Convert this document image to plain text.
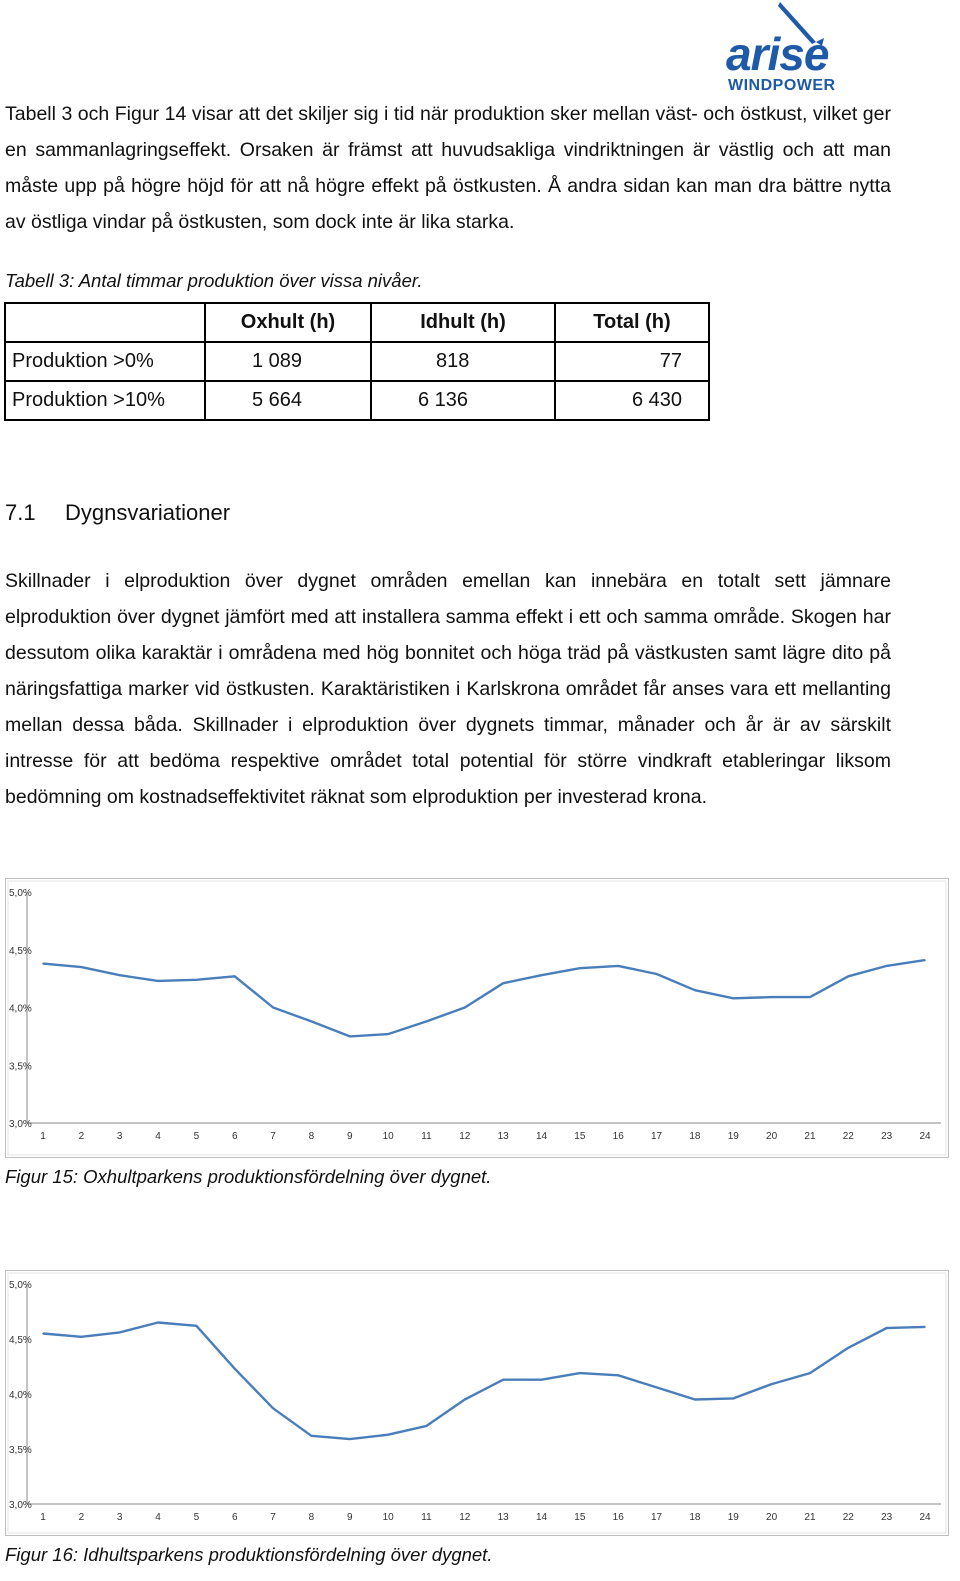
arise
WINDPOWER

Tabell 3 och Figur 14 visar att det skiljer sig i tid när produktion sker mellan väst- och östkust, vilket ger en sammanlagringseffekt. Orsaken är främst att huvudsakliga vindriktningen är västlig och att man måste upp på högre höjd för att nå högre effekt på östkusten. Å andra sidan kan man dra bättre nytta av östliga vindar på östkusten, som dock inte är lika starka.

Tabell 3: Antal timmar produktion över vissa nivåer.

	Oxhult (h)	Idhult (h)	Total (h)
Produktion >0%	1 089	818	77
Produktion >10%	5 664	6 136	6 430
7.1 Dygnsvariationer

Skillnader i elproduktion över dygnet områden emellan kan innebära en totalt sett jämnare elproduktion över dygnet jämfört med att installera samma effekt i ett och samma område. Skogen har dessutom olika karaktär i områdena med hög bonnitet och höga träd på västkusten samt lägre dito på näringsfattiga marker vid östkusten. Karaktäristiken i Karlskrona området får anses vara ett mellanting mellan dessa båda. Skillnader i elproduktion över dygnets timmar, månader och år är av särskilt intresse för att bedöma respektive området total potential för större vindkraft etableringar liksom bedömning om kostnadseffektivitet räknat som elproduktion per investerad krona.

3,0%
3,5%
4,0%
4,5%
5,0%
1	2	3	4	5	6	7	8	9	10	11	12	13	14	15	16	17	18	19	20	21	22	23	24

Figur 15: Oxhultparkens produktionsfördelning över dygnet.

3,0%
3,5%
4,0%
4,5%
5,0%
1	2	3	4	5	6	7	8	9	10	11	12	13	14	15	16	17	18	19	20	21	22	23	24

Figur 16: Idhultsparkens produktionsfördelning över dygnet.
